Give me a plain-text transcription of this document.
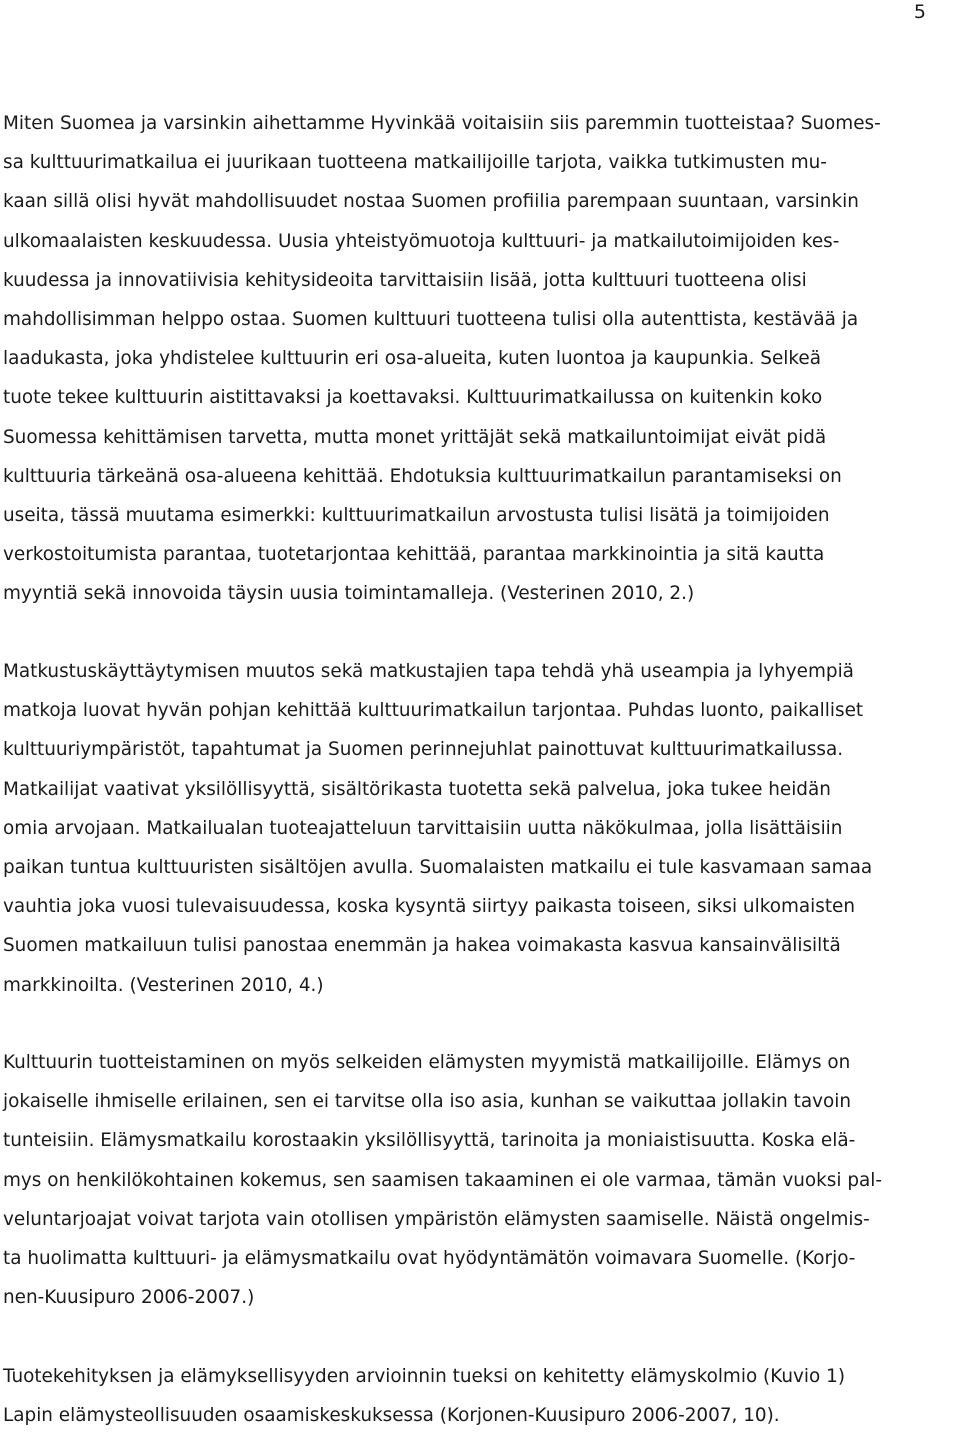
5
Miten Suomea ja varsinkin aihettamme Hyvinkää voitaisiin siis paremmin tuotteistaa? Suomes-
sa kulttuurimatkailua ei juurikaan tuotteena matkailijoille tarjota, vaikka tutkimusten mu-
kaan sillä olisi hyvät mahdollisuudet nostaa Suomen profiilia parempaan suuntaan, varsinkin
ulkomaalaisten keskuudessa. Uusia yhteistyömuotoja kulttuuri- ja matkailutoimijoiden kes-
kuudessa ja innovatiivisia kehitysideoita tarvittaisiin lisää, jotta kulttuuri tuotteena olisi
mahdollisimman helppo ostaa. Suomen kulttuuri tuotteena tulisi olla autenttista, kestävää ja
laadukasta, joka yhdistelee kulttuurin eri osa-alueita, kuten luontoa ja kaupunkia. Selkeä
tuote tekee kulttuurin aistittavaksi ja koettavaksi. Kulttuurimatkailussa on kuitenkin koko
Suomessa kehittämisen tarvetta, mutta monet yrittäjät sekä matkailuntoimijat eivät pidä
kulttuuria tärkeänä osa-alueena kehittää. Ehdotuksia kulttuurimatkailun parantamiseksi on
useita, tässä muutama esimerkki: kulttuurimatkailun arvostusta tulisi lisätä ja toimijoiden
verkostoitumista parantaa, tuotetarjontaa kehittää, parantaa markkinointia ja sitä kautta
myyntiä sekä innovoida täysin uusia toimintamalleja. (Vesterinen 2010, 2.)
Matkustuskäyttäytymisen muutos sekä matkustajien tapa tehdä yhä useampia ja lyhyempiä
matkoja luovat hyvän pohjan kehittää kulttuurimatkailun tarjontaa. Puhdas luonto, paikalliset
kulttuuriympäristöt, tapahtumat ja Suomen perinnejuhlat painottuvat kulttuurimatkailussa.
Matkailijat vaativat yksilöllisyyttä, sisältörikasta tuotetta sekä palvelua, joka tukee heidän
omia arvojaan. Matkailualan tuoteajatteluun tarvittaisiin uutta näkökulmaa, jolla lisättäisiin
paikan tuntua kulttuuristen sisältöjen avulla. Suomalaisten matkailu ei tule kasvamaan samaa
vauhtia joka vuosi tulevaisuudessa, koska kysyntä siirtyy paikasta toiseen, siksi ulkomaisten
Suomen matkailuun tulisi panostaa enemmän ja hakea voimakasta kasvua kansainvälisiltä
markkinoilta. (Vesterinen 2010, 4.)
Kulttuurin tuotteistaminen on myös selkeiden elämysten myymistä matkailijoille. Elämys on
jokaiselle ihmiselle erilainen, sen ei tarvitse olla iso asia, kunhan se vaikuttaa jollakin tavoin
tunteisiin. Elämysmatkailu korostaakin yksilöllisyyttä, tarinoita ja moniaistisuutta. Koska elä-
mys on henkilökohtainen kokemus, sen saamisen takaaminen ei ole varmaa, tämän vuoksi pal-
veluntarjoajat voivat tarjota vain otollisen ympäristön elämysten saamiselle. Näistä ongelmis-
ta huolimatta kulttuuri- ja elämysmatkailu ovat hyödyntämätön voimavara Suomelle. (Korjo-
nen-Kuusipuro 2006-2007.)
Tuotekehityksen ja elämyksellisyyden arvioinnin tueksi on kehitetty elämyskolmio (Kuvio 1)
Lapin elämysteollisuuden osaamiskeskuksessa (Korjonen-Kuusipuro 2006-2007, 10).
